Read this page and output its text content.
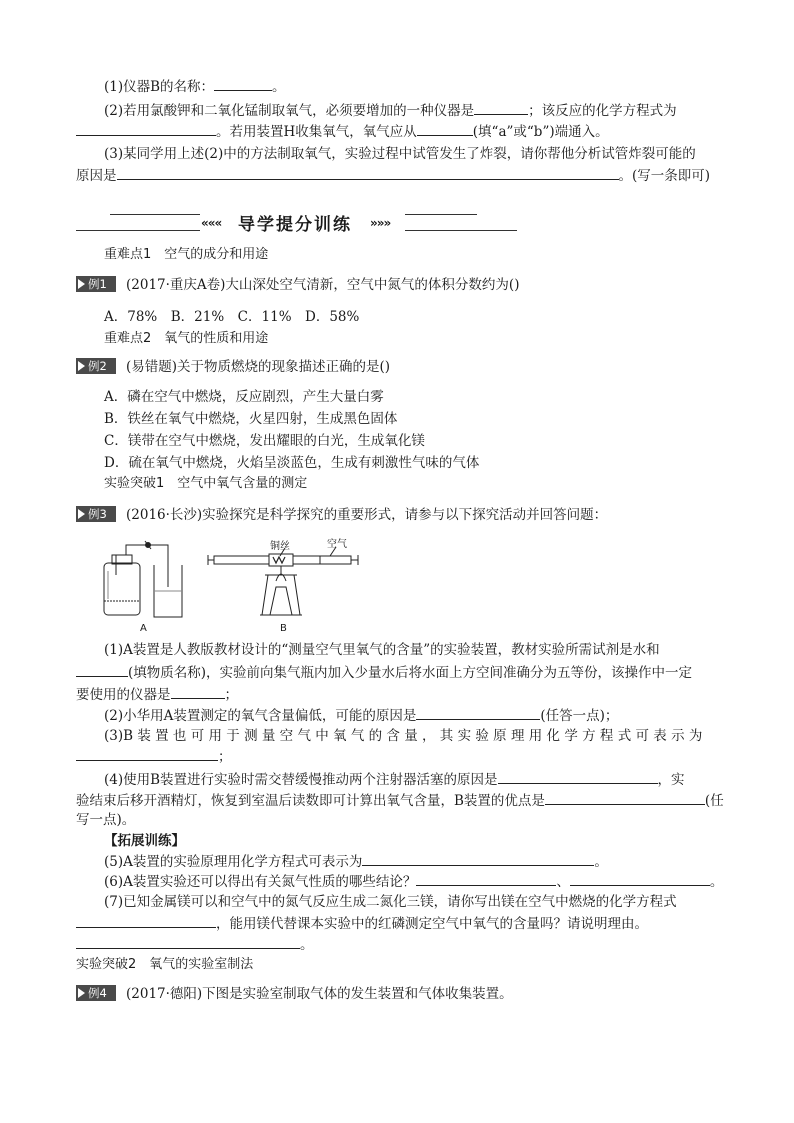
(1)仪器B的名称：	。
(2)若用氯酸钾和二氧化锰制取氧气，必须要增加的一种仪器是	；该反应的化学方程式为
。若用装置H收集氧气，氧气应从	(填“a”或“b”)端通入。
(3)某同学用上述(2)中的方法制取氧气，实验过程中试管发生了炸裂，请你帮他分析试管炸裂可能的
原因是	。(写一条即可)
««« 导学提分训练 »»»
重难点1　空气的成分和用途
例1 (2017·重庆A卷)大山深处空气清新，空气中氮气的体积分数约为()
A．78%　B．21%　C．11%　D．58%
重难点2　氧气的性质和用途
例2 (易错题)关于物质燃烧的现象描述正确的是()
A．磷在空气中燃烧，反应剧烈，产生大量白雾
B．铁丝在氧气中燃烧，火星四射，生成黑色固体
C．镁带在空气中燃烧，发出耀眼的白光，生成氧化镁
D．硫在氧气中燃烧，火焰呈淡蓝色，生成有刺激性气味的气体
实验突破1　空气中氧气含量的测定
例3 (2016·长沙)实验探究是科学探究的重要形式，请参与以下探究活动并回答问题：
A	B
铜丝	空气
(1)A装置是人教版教材设计的“测量空气里氧气的含量”的实验装置，教材实验所需试剂是水和
(填物质名称)，实验前向集气瓶内加入少量水后将水面上方空间准确分为五等份，该操作中一定
要使用的仪器是	；
(2)小华用A装置测定的氧气含量偏低，可能的原因是	(任答一点)；
(3)B 装 置 也 可 用 于 测 量 空 气 中 氧 气 的 含 量 ， 其 实 验 原 理 用 化 学 方 程 式 可 表 示 为
；
(4)使用B装置进行实验时需交替缓慢推动两个注射器活塞的原因是	，实
验结束后移开酒精灯，恢复到室温后读数即可计算出氧气含量，B装置的优点是	(任
写一点)。
【拓展训练】
(5)A装置的实验原理用化学方程式可表示为	。
(6)A装置实验还可以得出有关氮气性质的哪些结论？	、	。
(7)已知金属镁可以和空气中的氮气反应生成二氮化三镁，请你写出镁在空气中燃烧的化学方程式
，能用镁代替课本实验中的红磷测定空气中氧气的含量吗？请说明理由。
。
实验突破2　氧气的实验室制法
例4 (2017·德阳)下图是实验室制取气体的发生装置和气体收集装置。
